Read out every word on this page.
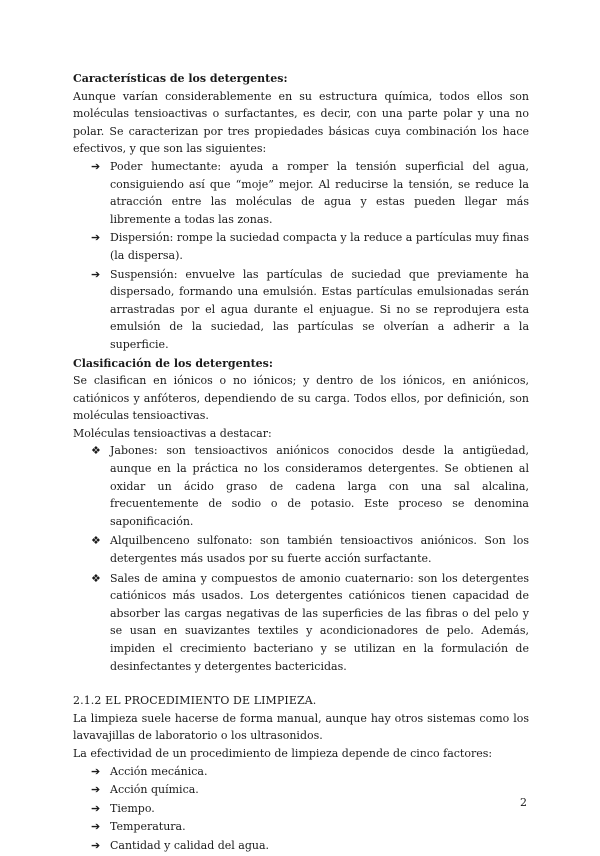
Características de los detergentes:

Aunque varían considerablemente en su estructura química, todos ellos son moléculas tensioactivas o surfactantes, es decir, con una parte polar y una no polar. Se caracterizan por tres propiedades básicas cuya combinación los hace efectivos, y que son las siguientes:

➔ Poder humectante: ayuda a romper la tensión superficial del agua, consiguiendo así que “moje” mejor. Al reducirse la tensión, se reduce la atracción entre las moléculas de agua y estas pueden llegar más libremente a todas las zonas.
➔ Dispersión: rompe la suciedad compacta y la reduce a partículas muy finas (la dispersa).
➔ Suspensión: envuelve las partículas de suciedad que previamente ha dispersado, formando una emulsión. Estas partículas emulsionadas serán arrastradas por el agua durante el enjuague. Si no se reprodujera esta emulsión de la suciedad, las partículas se olverían a adherir a la superficie.

Clasificación de los detergentes:

Se clasifican en iónicos o no iónicos; y dentro de los iónicos, en aniónicos, catiónicos y anfóteros, dependiendo de su carga. Todos ellos, por definición, son moléculas tensioactivas.

Moléculas tensioactivas a destacar:

❖ Jabones: son tensioactivos aniónicos conocidos desde la antigüedad, aunque en la práctica no los consideramos detergentes. Se obtienen al oxidar un ácido graso de cadena larga con una sal alcalina, frecuentemente de sodio o de potasio. Este proceso se denomina saponificación.
❖ Alquilbenceno sulfonato: son también tensioactivos aniónicos. Son los detergentes más usados por su fuerte acción surfactante.
❖ Sales de amina y compuestos de amonio cuaternario: son los detergentes catiónicos más usados. Los detergentes catiónicos tienen capacidad de absorber las cargas negativas de las superficies de las fibras o del pelo y se usan en suavizantes textiles y acondicionadores de pelo. Además, impiden el crecimiento bacteriano y se utilizan en la formulación de desinfectantes y detergentes bactericidas.

2.1.2 EL PROCEDIMIENTO DE LIMPIEZA.

La limpieza suele hacerse de forma manual, aunque hay otros sistemas como los lavavajillas de laboratorio o los ultrasonidos.

La efectividad de un procedimiento de limpieza depende de cinco factores:

➔ Acción mecánica.
➔ Acción química.
➔ Tiempo.
➔ Temperatura.
➔ Cantidad y calidad del agua.
2
